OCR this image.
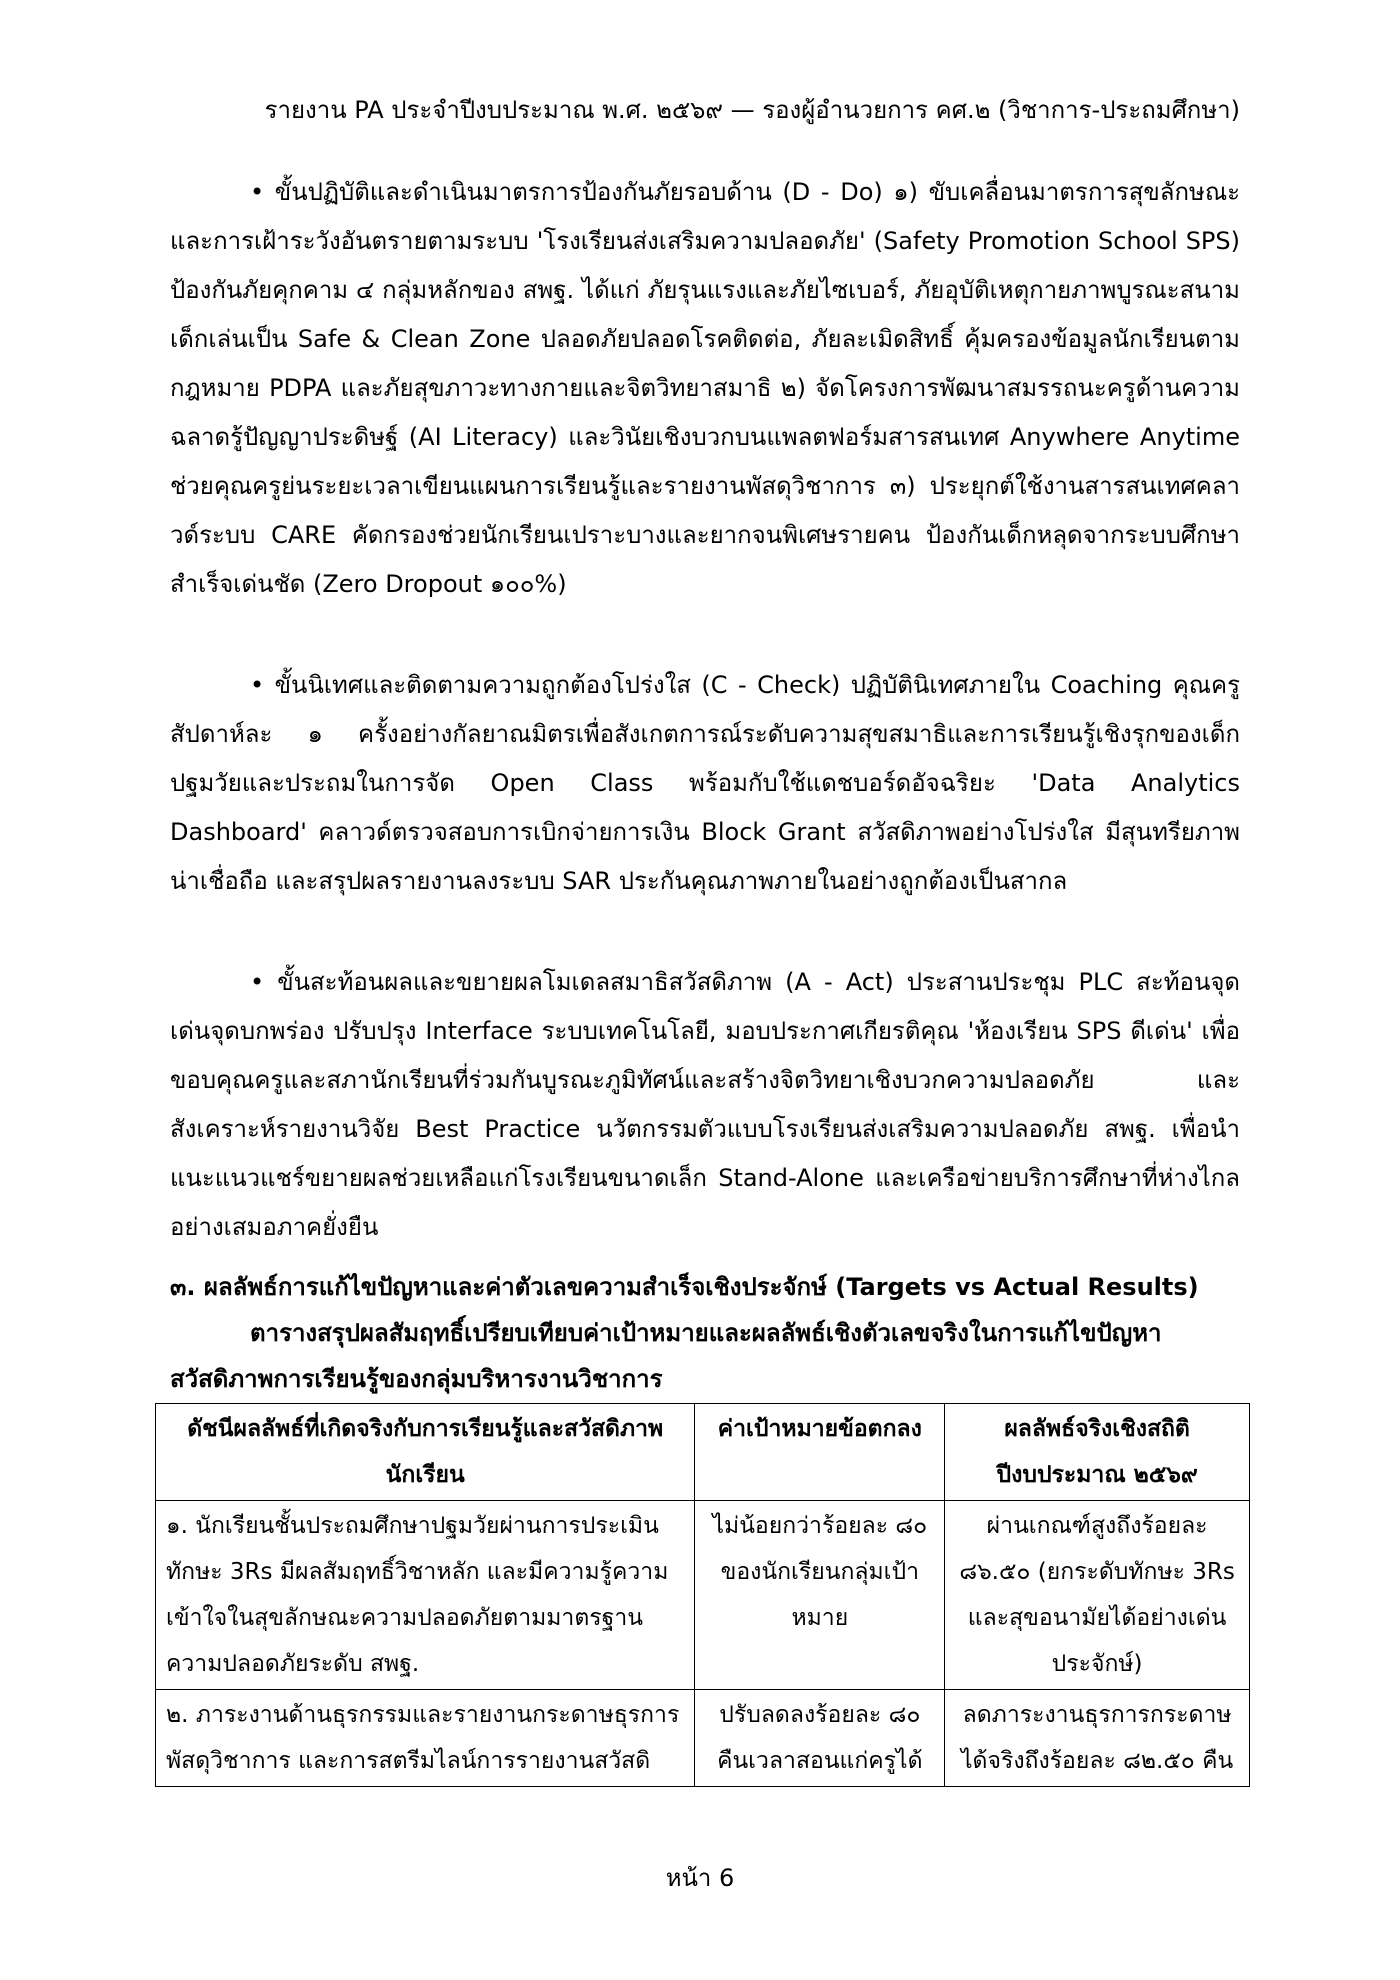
รายงาน PA ประจำปีงบประมาณ พ.ศ. ๒๕๖๙ — รองผู้อำนวยการ คศ.๒ (วิชาการ-ประถมศึกษา)

• ขั้นปฏิบัติและดำเนินมาตรการป้องกันภัยรอบด้าน (D - Do) ๑) ขับเคลื่อนมาตรการสุขลักษณะและการเฝ้าระวังอันตรายตามระบบ 'โรงเรียนส่งเสริมความปลอดภัย' (Safety Promotion School SPS) ป้องกันภัยคุกคาม ๔ กลุ่มหลักของ สพฐ. ได้แก่ ภัยรุนแรงและภัยไซเบอร์, ภัยอุบัติเหตุกายภาพบูรณะสนามเด็กเล่นเป็น Safe & Clean Zone ปลอดภัยปลอดโรคติดต่อ, ภัยละเมิดสิทธิ์ คุ้มครองข้อมูลนักเรียนตามกฎหมาย PDPA และภัยสุขภาวะทางกายและจิตวิทยาสมาธิ ๒) จัดโครงการพัฒนาสมรรถนะครูด้านความฉลาดรู้ปัญญาประดิษฐ์ (AI Literacy) และวินัยเชิงบวกบนแพลตฟอร์มสารสนเทศ Anywhere Anytime ช่วยคุณครูย่นระยะเวลาเขียนแผนการเรียนรู้และรายงานพัสดุวิชาการ ๓) ประยุกต์ใช้งานสารสนเทศคลาวด์ระบบ CARE คัดกรองช่วยนักเรียนเปราะบางและยากจนพิเศษรายคน ป้องกันเด็กหลุดจากระบบศึกษาสำเร็จเด่นชัด (Zero Dropout ๑๐๐%)

• ขั้นนิเทศและติดตามความถูกต้องโปร่งใส (C - Check) ปฏิบัตินิเทศภายใน Coaching คุณครูสัปดาห์ละ ๑ ครั้งอย่างกัลยาณมิตรเพื่อสังเกตการณ์ระดับความสุขสมาธิและการเรียนรู้เชิงรุกของเด็กปฐมวัยและประถมในการจัด Open Class พร้อมกับใช้แดชบอร์ดอัจฉริยะ 'Data Analytics Dashboard' คลาวด์ตรวจสอบการเบิกจ่ายการเงิน Block Grant สวัสดิภาพอย่างโปร่งใส มีสุนทรียภาพน่าเชื่อถือ และสรุปผลรายงานลงระบบ SAR ประกันคุณภาพภายในอย่างถูกต้องเป็นสากล

• ขั้นสะท้อนผลและขยายผลโมเดลสมาธิสวัสดิภาพ (A - Act) ประสานประชุม PLC สะท้อนจุดเด่นจุดบกพร่อง ปรับปรุง Interface ระบบเทคโนโลยี, มอบประกาศเกียรติคุณ 'ห้องเรียน SPS ดีเด่น' เพื่อขอบคุณครูและสภานักเรียนที่ร่วมกันบูรณะภูมิทัศน์และสร้างจิตวิทยาเชิงบวกความปลอดภัย และสังเคราะห์รายงานวิจัย Best Practice นวัตกรรมตัวแบบโรงเรียนส่งเสริมความปลอดภัย สพฐ. เพื่อนำแนะแนวแชร์ขยายผลช่วยเหลือแก่โรงเรียนขนาดเล็ก Stand-Alone และเครือข่ายบริการศึกษาที่ห่างไกลอย่างเสมอภาคยั่งยืน

๓. ผลลัพธ์การแก้ไขปัญหาและค่าตัวเลขความสำเร็จเชิงประจักษ์ (Targets vs Actual Results)

ตารางสรุปผลสัมฤทธิ์เปรียบเทียบค่าเป้าหมายและผลลัพธ์เชิงตัวเลขจริงในการแก้ไขปัญหาสวัสดิภาพการเรียนรู้ของกลุ่มบริหารงานวิชาการ

ดัชนีผลลัพธ์ที่เกิดจริงกับการเรียนรู้และสวัสดิภาพนักเรียน	ค่าเป้าหมายข้อตกลง	ผลลัพธ์จริงเชิงสถิติ ปีงบประมาณ ๒๕๖๙
๑. นักเรียนชั้นประถมศึกษาปฐมวัยผ่านการประเมินทักษะ 3Rs มีผลสัมฤทธิ์วิชาหลัก และมีความรู้ความเข้าใจในสุขลักษณะความปลอดภัยตามมาตรฐานความปลอดภัยระดับ สพฐ.	ไม่น้อยกว่าร้อยละ ๘๐ ของนักเรียนกลุ่มเป้าหมาย	ผ่านเกณฑ์สูงถึงร้อยละ ๘๖.๕๐ (ยกระดับทักษะ 3Rs และสุขอนามัยได้อย่างเด่นประจักษ์)
๒. ภาระงานด้านธุรกรรมและรายงานกระดาษธุรการพัสดุวิชาการ และการสตรีมไลน์การรายงานสวัสดิ	ปรับลดลงร้อยละ ๘๐ คืนเวลาสอนแก่ครูได้	ลดภาระงานธุรการกระดาษได้จริงถึงร้อยละ ๘๒.๕๐ คืน
หน้า 6
